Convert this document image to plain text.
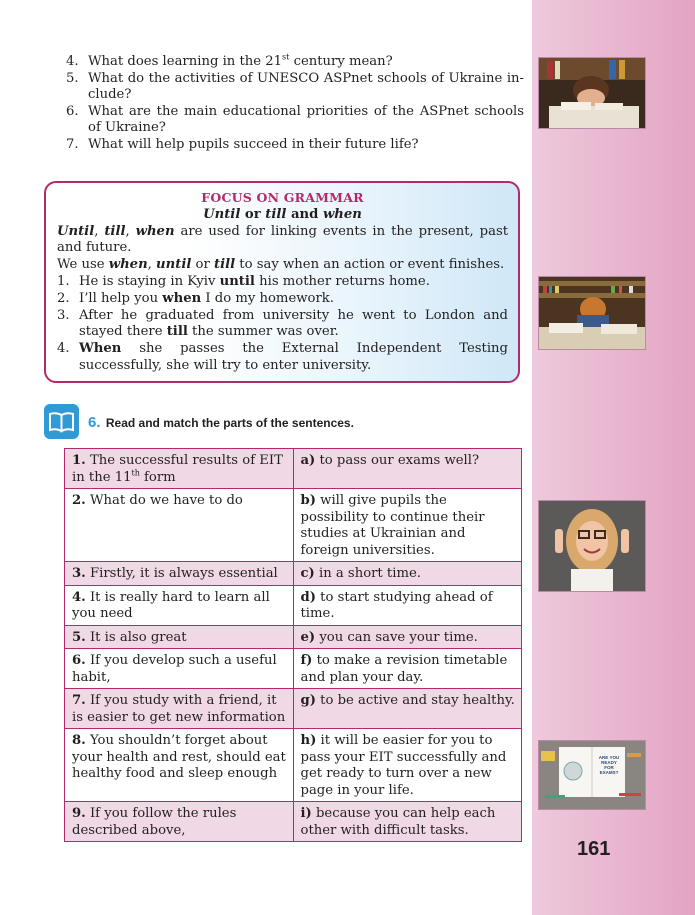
ARE YOU READY FOR EXAMS?
161
4. What does learning in the 21st century mean?
5. What do the activities of UNESCO ASPnet schools of Ukraine in-clude?
6. What are the main educational priorities of the ASPnet schools of Ukraine?
7. What will help pupils succeed in their future life?
FOCUS ON GRAMMAR
Until or till and when
Until, till, when are used for linking events in the present, past and future.
We use when, until or till to say when an action or event finishes.
1. He is staying in Kyiv until his mother returns home.
2. I’ll help you when I do my homework.
3. After he graduated from university he went to London and stayed there till the summer was over.
4. When she passes the External Independent Testing successfully, she will try to enter university.
6. Read and match the parts of the sentences.
1. The successful results of EIT in the 11th form	a) to pass our exams well?
2. What do we have to do	b) will give pupils the possibility to continue their studies at Ukrainian and foreign universities.
3. Firstly, it is always essential	c) in a short time.
4. It is really hard to learn all you need	d) to start studying ahead of time.
5. It is also great	e) you can save your time.
6. If you develop such a useful habit,	f) to make a revision timetable and plan your day.
7. If you study with a friend, it is easier to get new information	g) to be active and stay healthy.
8. You shouldn’t forget about your health and rest, should eat healthy food and sleep enough	h) it will be easier for you to pass your EIT successfully and get ready to turn over a new page in your life.
9. If you follow the rules described above,	i) because you can help each other with difficult tasks.
